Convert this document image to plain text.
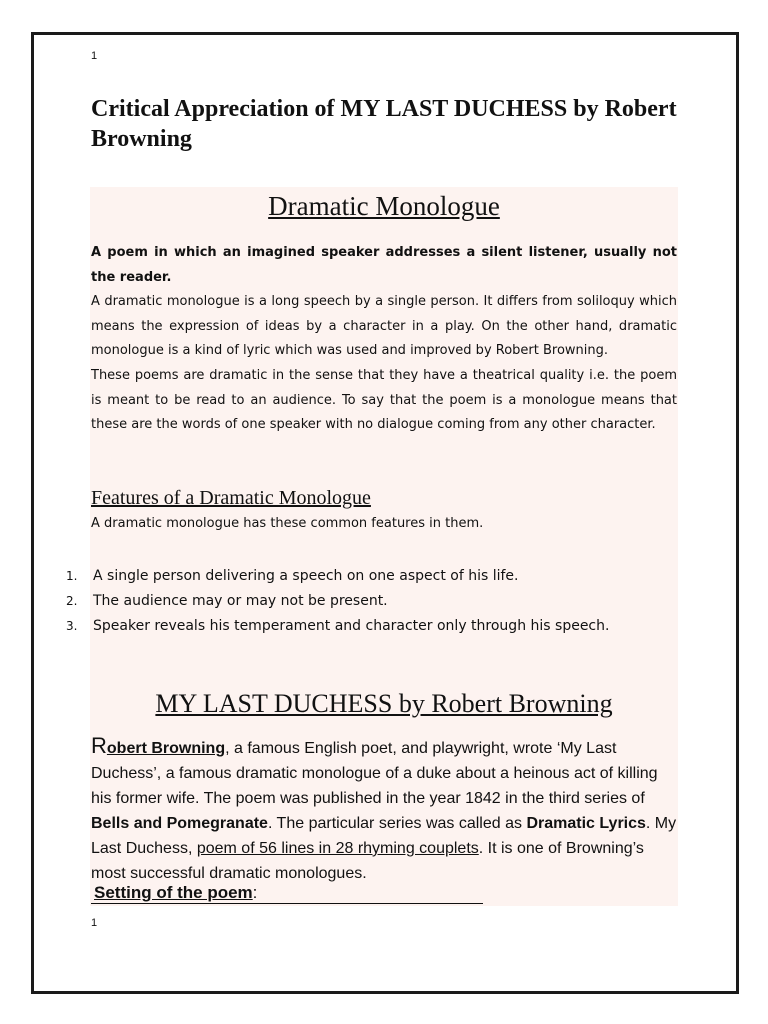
1
Critical Appreciation of MY LAST DUCHESS by Robert Browning
Dramatic Monologue

A poem in which an imagined speaker addresses a silent listener, usually not the reader.

A dramatic monologue is a long speech by a single person. It differs from soliloquy which means the expression of ideas by a character in a play. On the other hand, dramatic monologue is a kind of lyric which was used and improved by Robert Browning.

These poems are dramatic in the sense that they have a theatrical quality i.e. the poem is meant to be read to an audience. To say that the poem is a monologue means that these are the words of one speaker with no dialogue coming from any other character.

Features of a Dramatic Monologue

A dramatic monologue has these common features in them.

1. A single person delivering a speech on one aspect of his life.
2. The audience may or may not be present.
3. Speaker reveals his temperament and character only through his speech.
MY LAST DUCHESS by Robert Browning

Robert Browning, a famous English poet, and playwright, wrote ‘My Last Duchess’, a famous dramatic monologue of a duke about a heinous act of killing his former wife. The poem was published in the year 1842 in the third series of Bells and Pomegranate. The particular series was called as Dramatic Lyrics. My Last Duchess, poem of 56 lines in 28 rhyming couplets. It is one of Browning’s most successful dramatic monologues.

Setting of the poem:
1
